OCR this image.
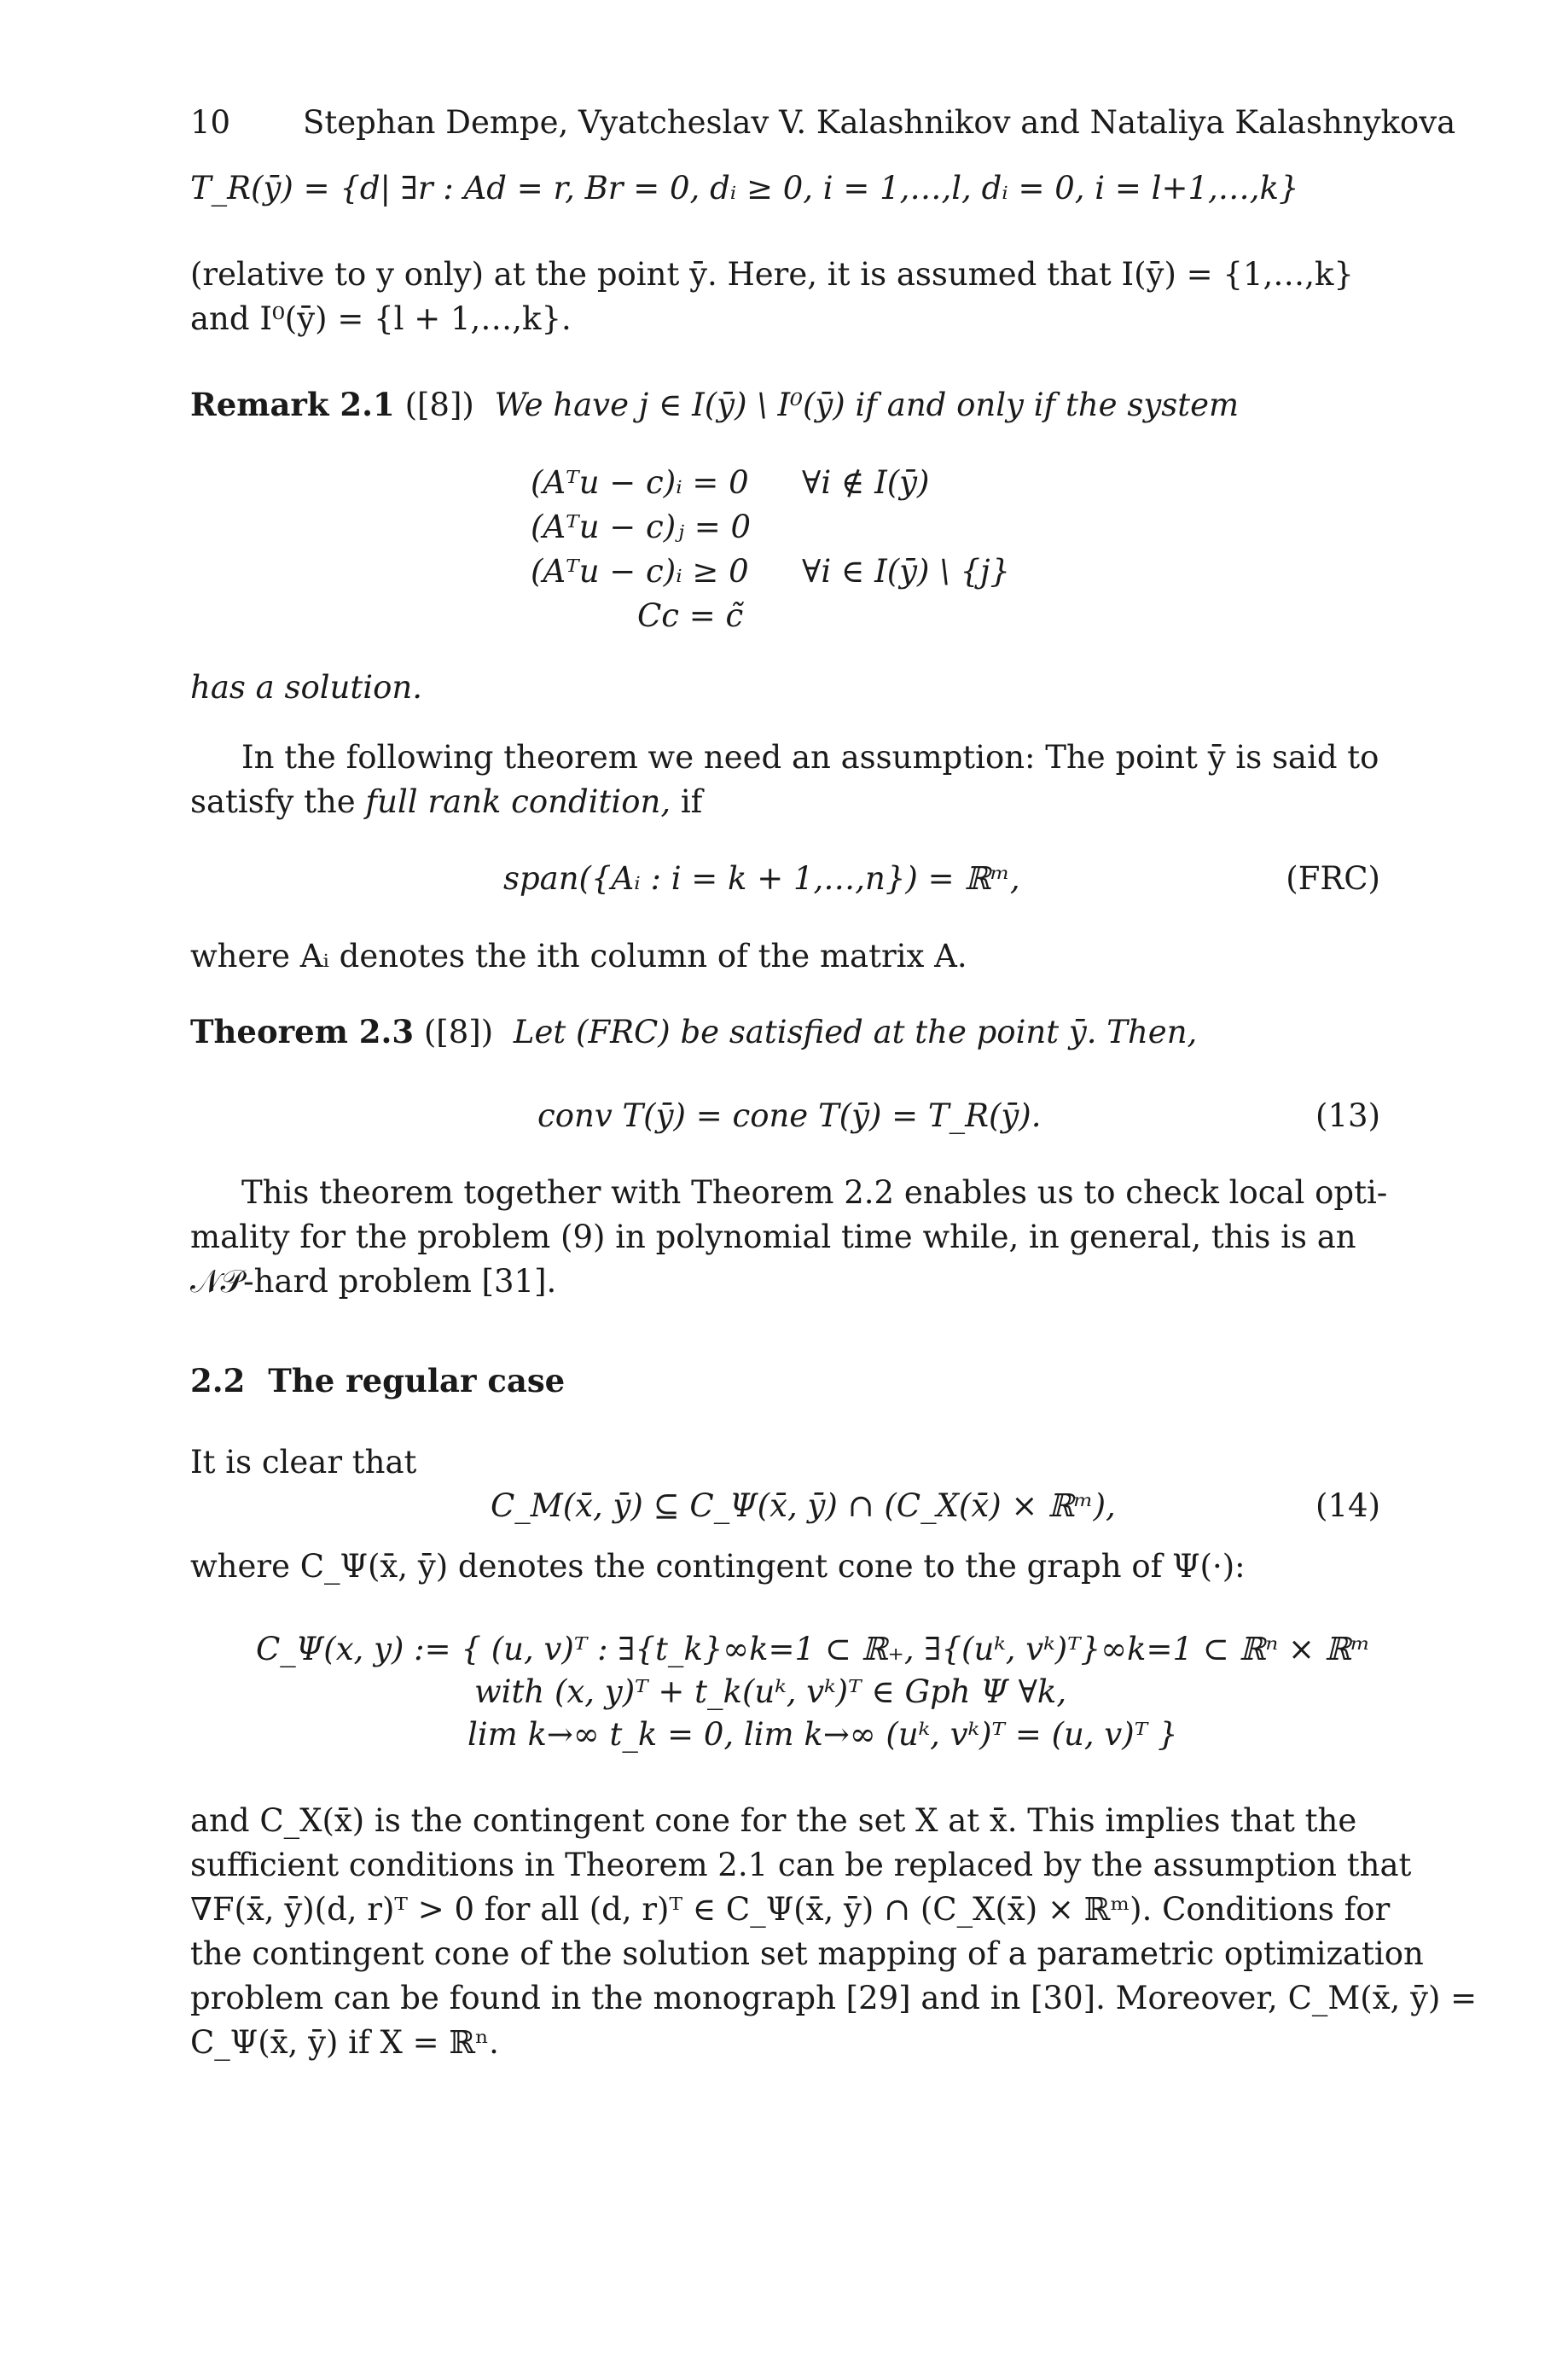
10 Stephan Dempe, Vyatcheslav V. Kalashnikov and Nataliya Kalashnykova
T_R(ȳ) = {d| ∃r : Ad = r, Br = 0, dᵢ ≥ 0, i = 1,…,l, dᵢ = 0, i = l+1,…,k}
(relative to y only) at the point ȳ. Here, it is assumed that I(ȳ) = {1,…,k}
and I⁰(ȳ) = {l + 1,…,k}.
Remark 2.1 ([8]) We have j ∈ I(ȳ) \ I⁰(ȳ) if and only if the system
(Aᵀu − c)ᵢ = 0 ∀i ∉ I(ȳ)
(Aᵀu − c)ⱼ = 0
(Aᵀu − c)ᵢ ≥ 0 ∀i ∈ I(ȳ) \ {j}
Cc = c̃
has a solution.
In the following theorem we need an assumption: The point ȳ is said to
satisfy the full rank condition, if
span({Aᵢ : i = k + 1,…,n}) = ℝᵐ,	(FRC)
where Aᵢ denotes the ith column of the matrix A.
Theorem 2.3 ([8]) Let (FRC) be satisfied at the point ȳ. Then,
conv T(ȳ) = cone T(ȳ) = T_R(ȳ).	(13)
This theorem together with Theorem 2.2 enables us to check local opti-
mality for the problem (9) in polynomial time while, in general, this is an
𝒩𝒫-hard problem [31].
2.2 The regular case
It is clear that
C_M(x̄, ȳ) ⊆ C_Ψ(x̄, ȳ) ∩ (C_X(x̄) × ℝᵐ),	(14)
where C_Ψ(x̄, ȳ) denotes the contingent cone to the graph of Ψ(·):
C_Ψ(x, y) := { (u, v)ᵀ : ∃{t_k}∞k=1 ⊂ ℝ₊, ∃{(uᵏ, vᵏ)ᵀ}∞k=1 ⊂ ℝⁿ × ℝᵐ
with (x, y)ᵀ + t_k(uᵏ, vᵏ)ᵀ ∈ Gph Ψ ∀k,
lim k→∞ t_k = 0, lim k→∞ (uᵏ, vᵏ)ᵀ = (u, v)ᵀ }
and C_X(x̄) is the contingent cone for the set X at x̄. This implies that the
sufficient conditions in Theorem 2.1 can be replaced by the assumption that
∇F(x̄, ȳ)(d, r)ᵀ > 0 for all (d, r)ᵀ ∈ C_Ψ(x̄, ȳ) ∩ (C_X(x̄) × ℝᵐ). Conditions for
the contingent cone of the solution set mapping of a parametric optimization
problem can be found in the monograph [29] and in [30]. Moreover, C_M(x̄, ȳ) =
C_Ψ(x̄, ȳ) if X = ℝⁿ.
